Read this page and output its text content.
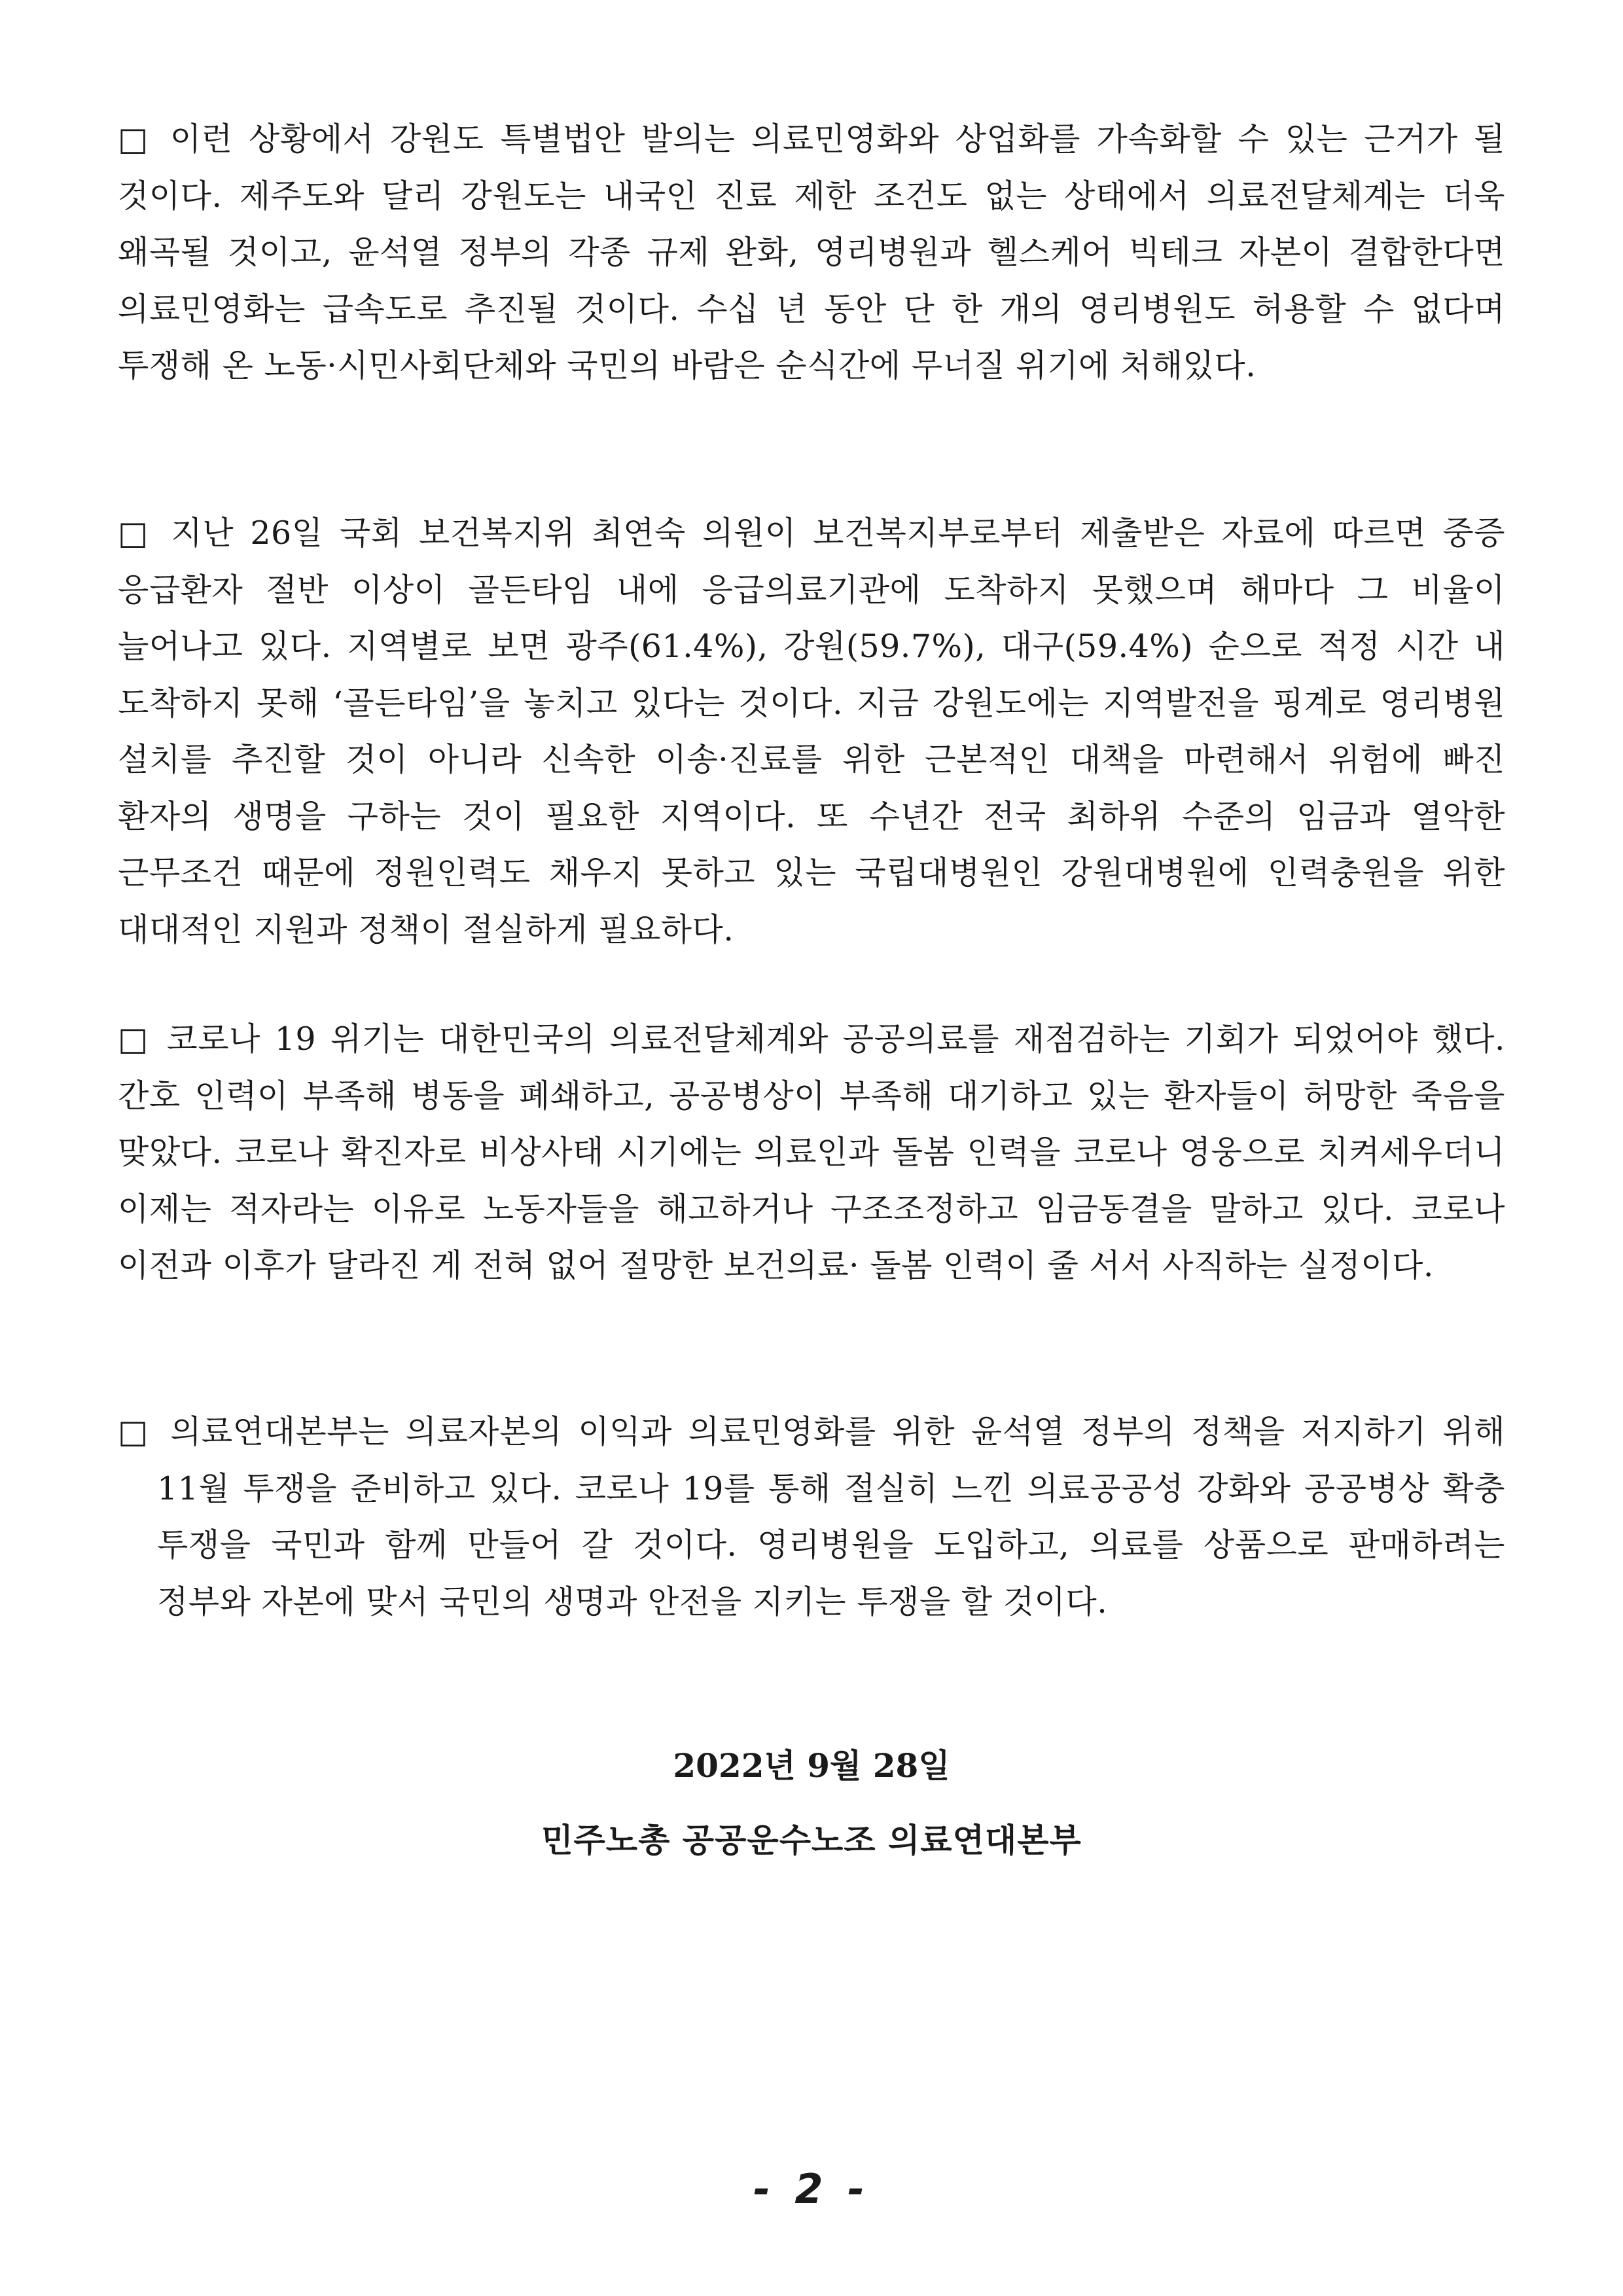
□ 이런 상황에서 강원도 특별법안 발의는 의료민영화와 상업화를 가속화할 수 있는 근거가 될 것이다. 제주도와 달리 강원도는 내국인 진료 제한 조건도 없는 상태에서 의료전달체계는 더욱 왜곡될 것이고, 윤석열 정부의 각종 규제 완화, 영리병원과 헬스케어 빅테크 자본이 결합한다면 의료민영화는 급속도로 추진될 것이다. 수십 년 동안 단 한 개의 영리병원도 허용할 수 없다며 투쟁해 온 노동·시민사회단체와 국민의 바람은 순식간에 무너질 위기에 처해있다.

□ 지난 26일 국회 보건복지위 최연숙 의원이 보건복지부로부터 제출받은 자료에 따르면 중증 응급환자 절반 이상이 골든타임 내에 응급의료기관에 도착하지 못했으며 해마다 그 비율이 늘어나고 있다. 지역별로 보면 광주(61.4%), 강원(59.7%), 대구(59.4%) 순으로 적정 시간 내 도착하지 못해 ‘골든타임’을 놓치고 있다는 것이다. 지금 강원도에는 지역발전을 핑계로 영리병원 설치를 추진할 것이 아니라 신속한 이송·진료를 위한 근본적인 대책을 마련해서 위험에 빠진 환자의 생명을 구하는 것이 필요한 지역이다. 또 수년간 전국 최하위 수준의 임금과 열악한 근무조건 때문에 정원인력도 채우지 못하고 있는 국립대병원인 강원대병원에 인력충원을 위한 대대적인 지원과 정책이 절실하게 필요하다.

□ 코로나 19 위기는 대한민국의 의료전달체계와 공공의료를 재점검하는 기회가 되었어야 했다. 간호 인력이 부족해 병동을 폐쇄하고, 공공병상이 부족해 대기하고 있는 환자들이 허망한 죽음을 맞았다. 코로나 확진자로 비상사태 시기에는 의료인과 돌봄 인력을 코로나 영웅으로 치켜세우더니 이제는 적자라는 이유로 노동자들을 해고하거나 구조조정하고 임금동결을 말하고 있다. 코로나 이전과 이후가 달라진 게 전혀 없어 절망한 보건의료· 돌봄 인력이 줄 서서 사직하는 실정이다.

□ 의료연대본부는 의료자본의 이익과 의료민영화를 위한 윤석열 정부의 정책을 저지하기 위해 11월 투쟁을 준비하고 있다. 코로나 19를 통해 절실히 느낀 의료공공성 강화와 공공병상 확충 투쟁을 국민과 함께 만들어 갈 것이다. 영리병원을 도입하고, 의료를 상품으로 판매하려는 정부와 자본에 맞서 국민의 생명과 안전을 지키는 투쟁을 할 것이다.

2022년 9월 28일

민주노총 공공운수노조 의료연대본부

- 2 -
